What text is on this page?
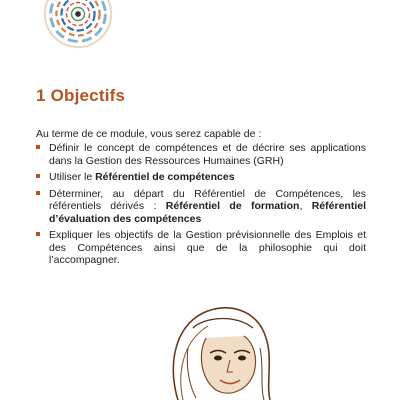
1 Objectifs
Au terme de ce module, vous serez capable de :
Définir le concept de compétences et de décrire ses applications dans la Gestion des Ressources Humaines (GRH)
Utiliser le Référentiel de compétences
Déterminer, au départ du Référentiel de Compétences, les référentiels dérivés : Référentiel de formation, Référentiel d’évaluation des compétences
Expliquer les objectifs de la Gestion prévisionnelle des Emplois et des Compétences ainsi que de la philosophie qui doit l’accompagner.
